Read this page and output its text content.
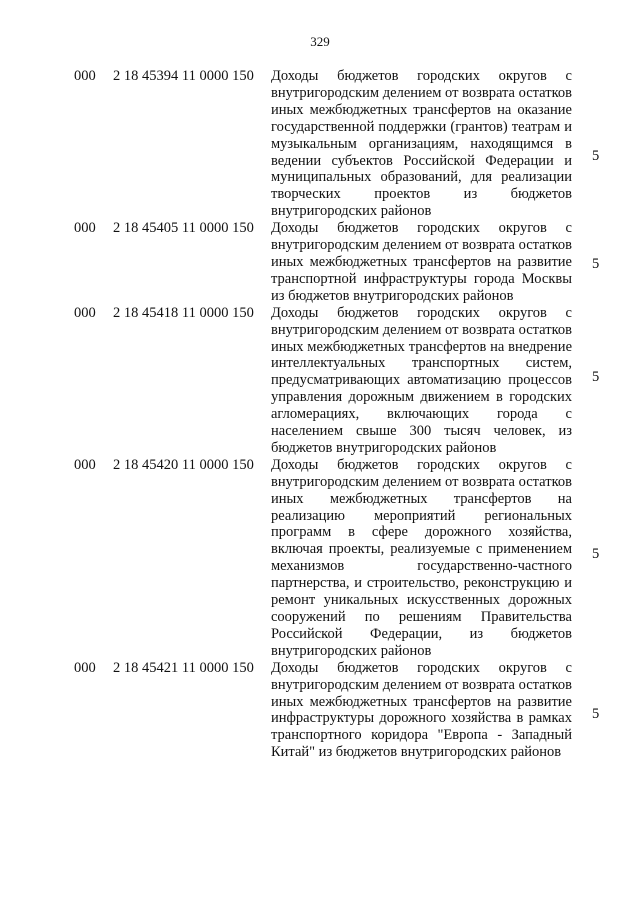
329
000 2 18 45394 11 0000 150 Доходы бюджетов городских округов с внутригородским делением от возврата остатков иных межбюджетных трансфертов на оказание государственной поддержки (грантов) театрам и музыкальным организациям, находящимся в ведении субъектов Российской Федерации и муниципальных образований, для реализации творческих проектов из бюджетов внутригородских районов
5
000 2 18 45405 11 0000 150 Доходы бюджетов городских округов с внутригородским делением от возврата остатков иных межбюджетных трансфертов на развитие транспортной инфраструктуры города Москвы из бюджетов внутригородских районов
5
000 2 18 45418 11 0000 150 Доходы бюджетов городских округов с внутригородским делением от возврата остатков иных межбюджетных трансфертов на внедрение интеллектуальных транспортных систем, предусматривающих автоматизацию процессов управления дорожным движением в городских агломерациях, включающих города с населением свыше 300 тысяч человек, из бюджетов внутригородских районов
5
000 2 18 45420 11 0000 150 Доходы бюджетов городских округов с внутригородским делением от возврата остатков иных межбюджетных трансфертов на реализацию мероприятий региональных программ в сфере дорожного хозяйства, включая проекты, реализуемые с применением механизмов государственно-частного партнерства, и строительство, реконструкцию и ремонт уникальных искусственных дорожных сооружений по решениям Правительства Российской Федерации, из бюджетов внутригородских районов
5
000 2 18 45421 11 0000 150 Доходы бюджетов городских округов с внутригородским делением от возврата остатков иных межбюджетных трансфертов на развитие инфраструктуры дорожного хозяйства в рамках транспортного коридора "Европа - Западный Китай" из бюджетов внутригородских районов
5
